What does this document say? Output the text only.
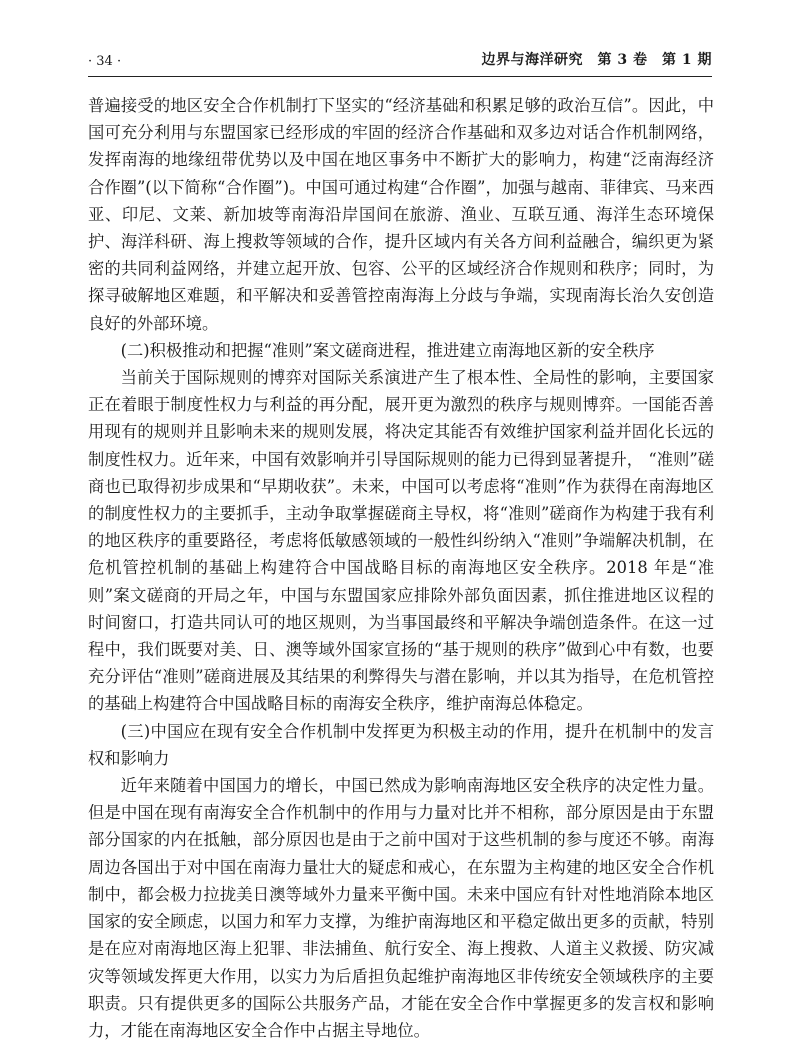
· 34 ·	边界与海洋研究　第 3 卷　第 1 期

普遍接受的地区安全合作机制打下坚实的“经济基础和积累足够的政治互信”。因此，中国可充分利用与东盟国家已经形成的牢固的经济合作基础和双多边对话合作机制网络，发挥南海的地缘纽带优势以及中国在地区事务中不断扩大的影响力，构建“泛南海经济合作圈”(以下简称“合作圈”)。中国可通过构建“合作圈”，加强与越南、菲律宾、马来西亚、印尼、文莱、新加坡等南海沿岸国间在旅游、渔业、互联互通、海洋生态环境保护、海洋科研、海上搜救等领域的合作，提升区域内有关各方间利益融合，编织更为紧密的共同利益网络，并建立起开放、包容、公平的区域经济合作规则和秩序；同时，为探寻破解地区难题，和平解决和妥善管控南海海上分歧与争端，实现南海长治久安创造良好的外部环境。

(二)积极推动和把握“准则”案文磋商进程，推进建立南海地区新的安全秩序

当前关于国际规则的博弈对国际关系演进产生了根本性、全局性的影响，主要国家正在着眼于制度性权力与利益的再分配，展开更为激烈的秩序与规则博弈。一国能否善用现有的规则并且影响未来的规则发展，将决定其能否有效维护国家利益并固化长远的制度性权力。近年来，中国有效影响并引导国际规则的能力已得到显著提升， “准则”磋商也已取得初步成果和“早期收获”。未来，中国可以考虑将“准则”作为获得在南海地区的制度性权力的主要抓手，主动争取掌握磋商主导权，将“准则”磋商作为构建于我有利的地区秩序的重要路径，考虑将低敏感领域的一般性纠纷纳入“准则”争端解决机制，在危机管控机制的基础上构建符合中国战略目标的南海地区安全秩序。2018 年是“准则”案文磋商的开局之年，中国与东盟国家应排除外部负面因素，抓住推进地区议程的时间窗口，打造共同认可的地区规则，为当事国最终和平解决争端创造条件。在这一过程中，我们既要对美、日、澳等域外国家宣扬的“基于规则的秩序”做到心中有数，也要充分评估“准则”磋商进展及其结果的利弊得失与潜在影响，并以其为指导，在危机管控的基础上构建符合中国战略目标的南海安全秩序，维护南海总体稳定。

(三)中国应在现有安全合作机制中发挥更为积极主动的作用，提升在机制中的发言权和影响力

近年来随着中国国力的增长，中国已然成为影响南海地区安全秩序的决定性力量。但是中国在现有南海安全合作机制中的作用与力量对比并不相称，部分原因是由于东盟部分国家的内在抵触，部分原因也是由于之前中国对于这些机制的参与度还不够。南海周边各国出于对中国在南海力量壮大的疑虑和戒心，在东盟为主构建的地区安全合作机制中，都会极力拉拢美日澳等域外力量来平衡中国。未来中国应有针对性地消除本地区国家的安全顾虑，以国力和军力支撑，为维护南海地区和平稳定做出更多的贡献，特别是在应对南海地区海上犯罪、非法捕鱼、航行安全、海上搜救、人道主义救援、防灾减灾等领域发挥更大作用，以实力为后盾担负起维护南海地区非传统安全领域秩序的主要职责。只有提供更多的国际公共服务产品，才能在安全合作中掌握更多的发言权和影响力，才能在南海地区安全合作中占据主导地位。
